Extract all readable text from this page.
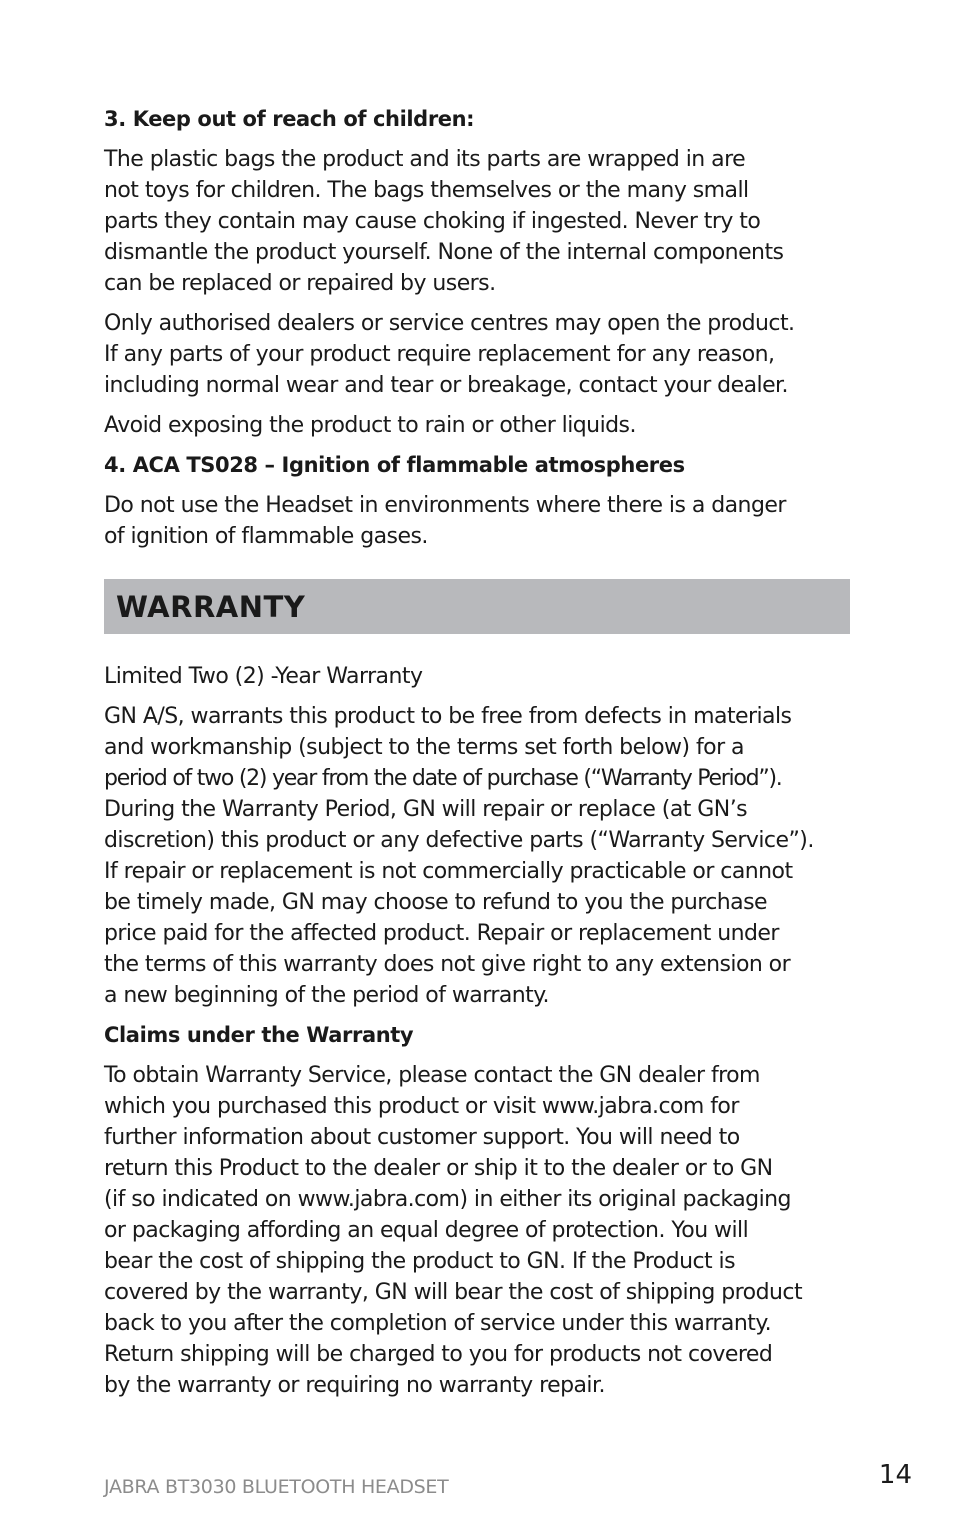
3. Keep out of reach of children:

The plastic bags the product and its parts are wrapped in are
not toys for children. The bags themselves or the many small
parts they contain may cause choking if ingested. Never try to
dismantle the product yourself. None of the internal components
can be replaced or repaired by users.

Only authorised dealers or service centres may open the product.
If any parts of your product require replacement for any reason,
including normal wear and tear or breakage, contact your dealer.

Avoid exposing the product to rain or other liquids.

4. ACA TS028 – Ignition of flammable atmospheres

Do not use the Headset in environments where there is a danger
of ignition of flammable gases.

WARRANTY

Limited Two (2) -Year Warranty

GN A/S, warrants this product to be free from defects in materials
and workmanship (subject to the terms set forth below) for a
period of two (2) year from the date of purchase (“Warranty Period”).
During the Warranty Period, GN will repair or replace (at GN’s
discretion) this product or any defective parts (“Warranty Service”).
If repair or replacement is not commercially practicable or cannot
be timely made, GN may choose to refund to you the purchase
price paid for the affected product. Repair or replacement under
the terms of this warranty does not give right to any extension or
a new beginning of the period of warranty.

Claims under the Warranty

To obtain Warranty Service, please contact the GN dealer from
which you purchased this product or visit www.jabra.com for
further information about customer support. You will need to
return this Product to the dealer or ship it to the dealer or to GN
(if so indicated on www.jabra.com) in either its original packaging
or packaging affording an equal degree of protection. You will
bear the cost of shipping the product to GN. If the Product is
covered by the warranty, GN will bear the cost of shipping product
back to you after the completion of service under this warranty.
Return shipping will be charged to you for products not covered
by the warranty or requiring no warranty repair.

JABRA BT3030 BLUETOOTH HEADSET	14
